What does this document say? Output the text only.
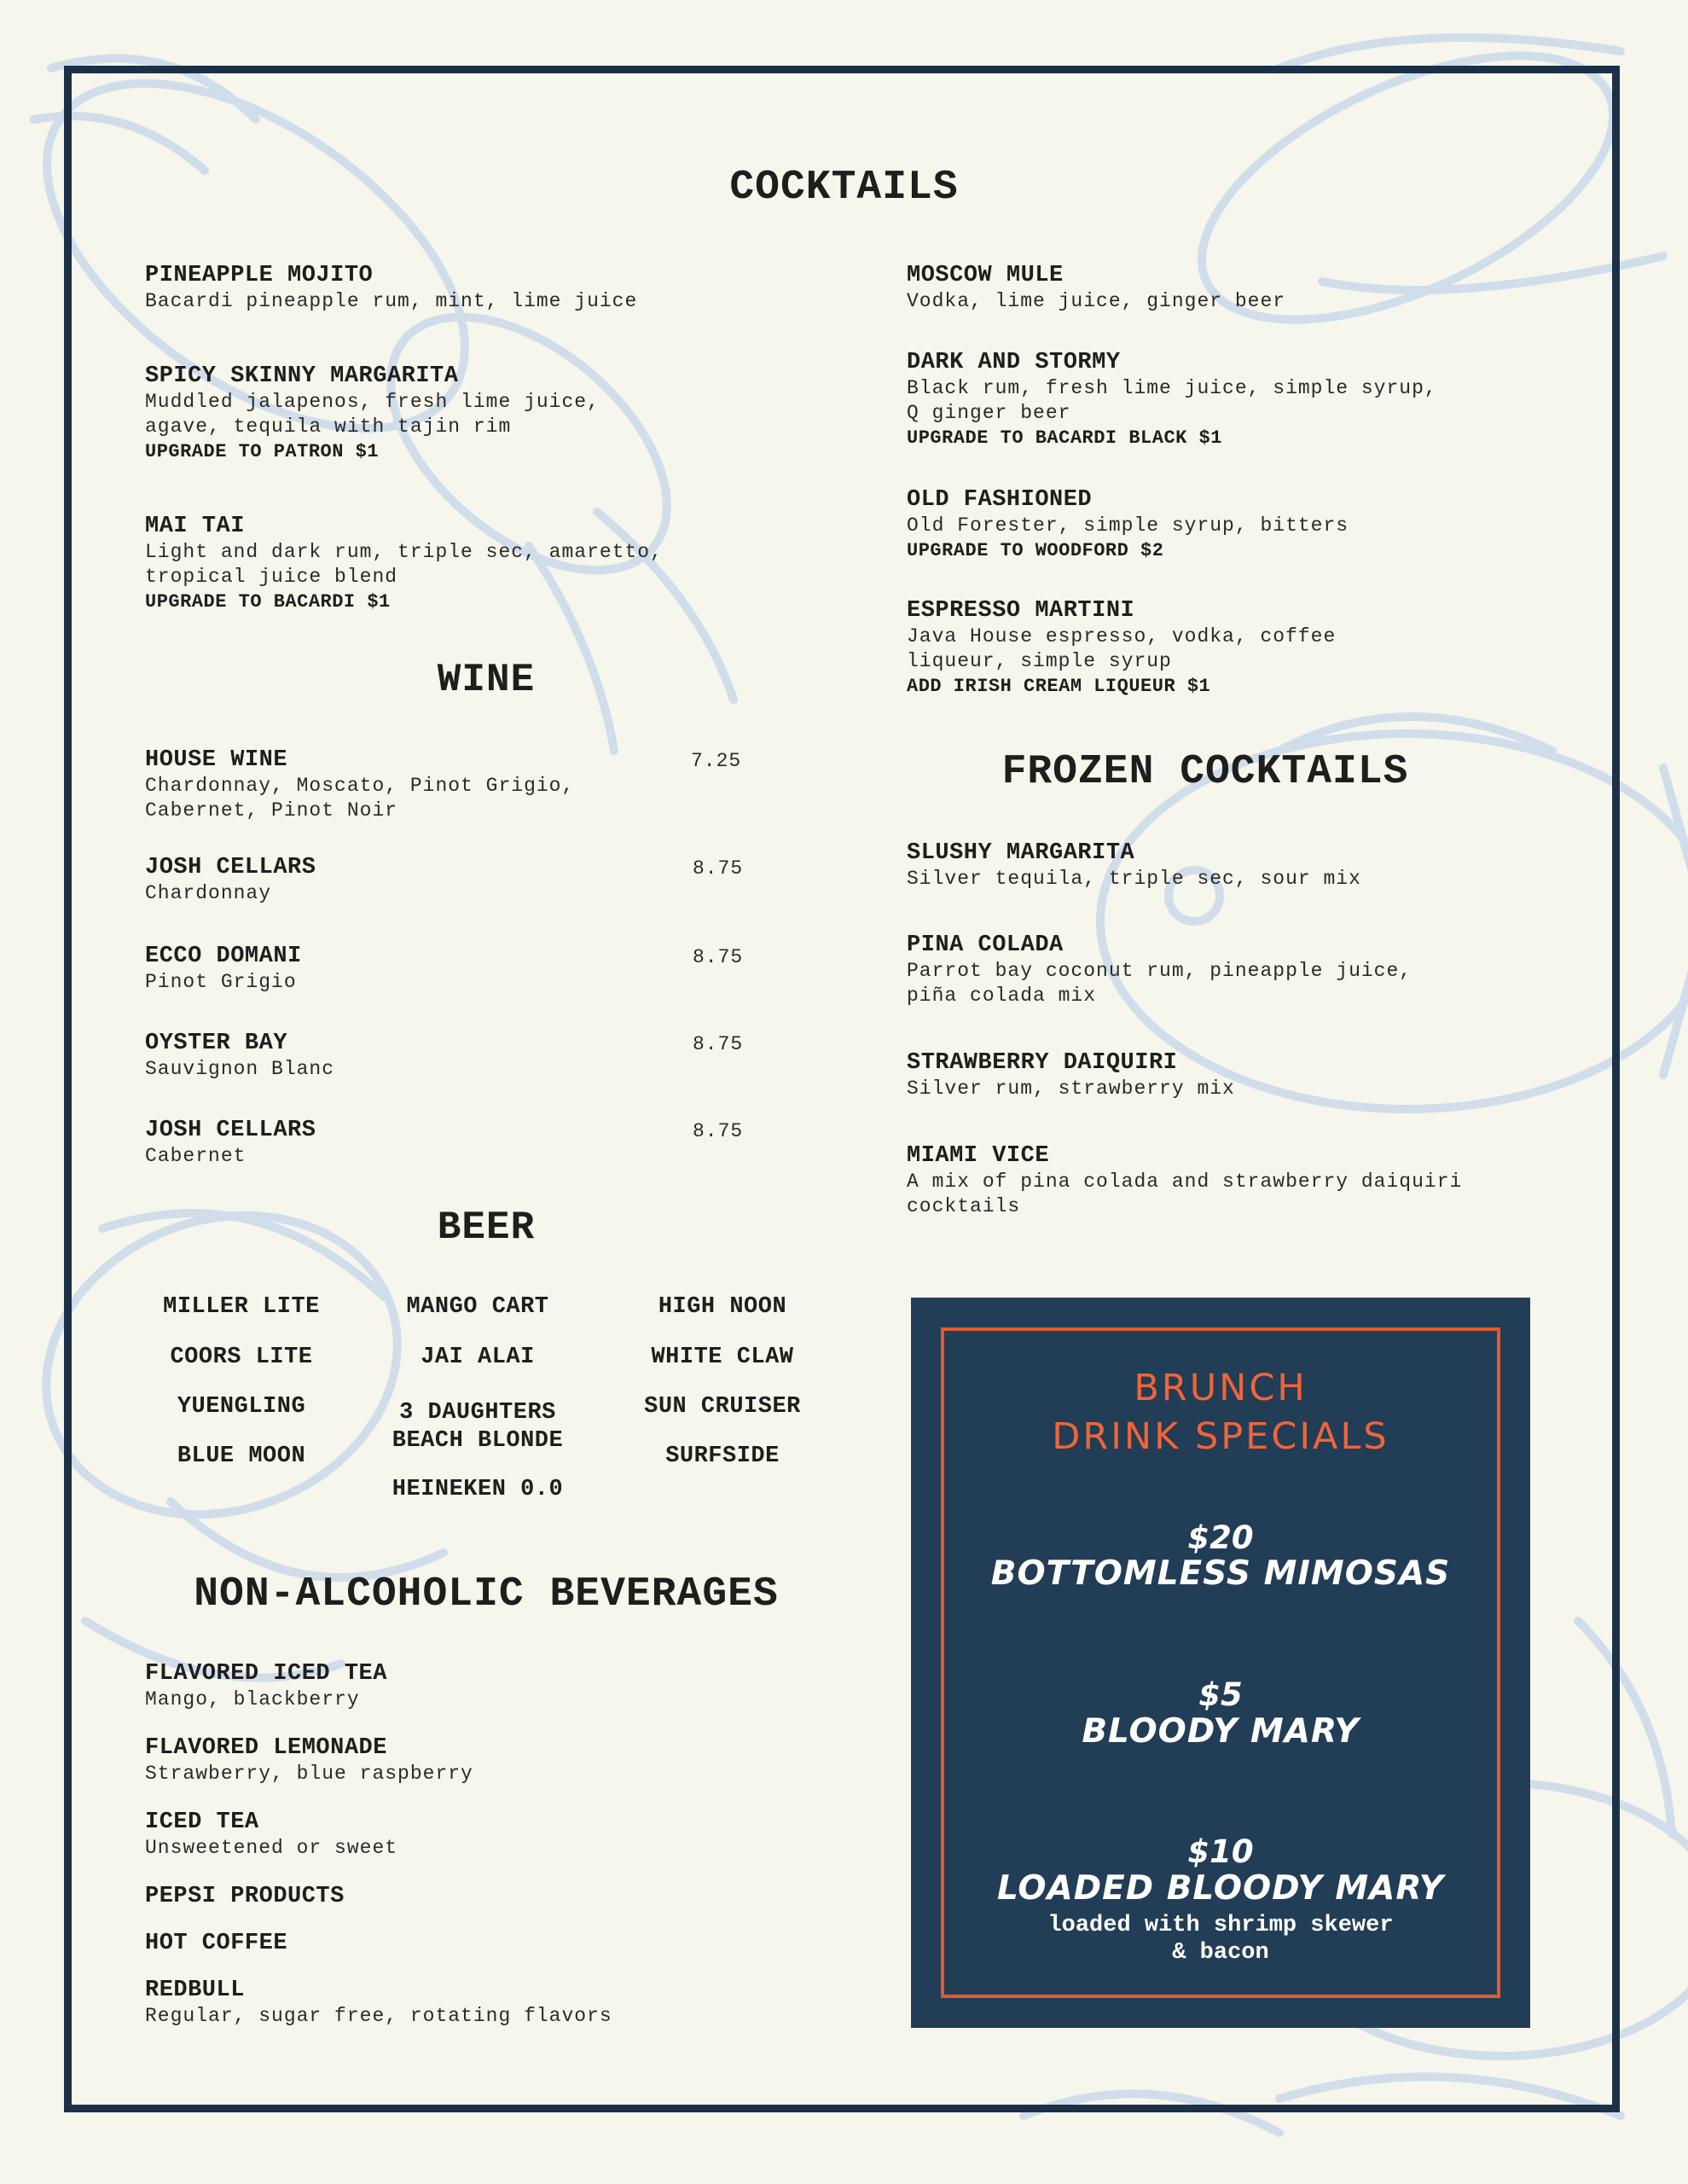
COCKTAILS
PINEAPPLE MOJITO
Bacardi pineapple rum, mint, lime juice
SPICY SKINNY MARGARITA
Muddled jalapenos, fresh lime juice,
agave, tequila with tajin rim
UPGRADE TO PATRON $1
MAI TAI
Light and dark rum, triple sec, amaretto,
tropical juice blend
UPGRADE TO BACARDI $1
MOSCOW MULE
Vodka, lime juice, ginger beer
DARK AND STORMY
Black rum, fresh lime juice, simple syrup,
Q ginger beer
UPGRADE TO BACARDI BLACK $1
OLD FASHIONED
Old Forester, simple syrup, bitters
UPGRADE TO WOODFORD $2
ESPRESSO MARTINI
Java House espresso, vodka, coffee
liqueur, simple syrup
ADD IRISH CREAM LIQUEUR $1
WINE
HOUSE WINE
Chardonnay, Moscato, Pinot Grigio,
Cabernet, Pinot Noir
7.25
JOSH CELLARS
Chardonnay
8.75
ECCO DOMANI
Pinot Grigio
8.75
OYSTER BAY
Sauvignon Blanc
8.75
JOSH CELLARS
Cabernet
8.75
FROZEN COCKTAILS
SLUSHY MARGARITA
Silver tequila, triple sec, sour mix
PINA COLADA
Parrot bay coconut rum, pineapple juice,
piña colada mix
STRAWBERRY DAIQUIRI
Silver rum, strawberry mix
MIAMI VICE
A mix of pina colada and strawberry daiquiri
cocktails
BEER
MILLER LITE
COORS LITE
YUENGLING
BLUE MOON
MANGO CART
JAI ALAI
3 DAUGHTERS
BEACH BLONDE
HEINEKEN 0.0
HIGH NOON
WHITE CLAW
SUN CRUISER
SURFSIDE
NON-ALCOHOLIC BEVERAGES
FLAVORED ICED TEA
Mango, blackberry
FLAVORED LEMONADE
Strawberry, blue raspberry
ICED TEA
Unsweetened or sweet
PEPSI PRODUCTS
HOT COFFEE
REDBULL
Regular, sugar free, rotating flavors
BRUNCH
DRINK SPECIALS
$20
BOTTOMLESS MIMOSAS
$5
BLOODY MARY
$10
LOADED BLOODY MARY
loaded with shrimp skewer
& bacon
